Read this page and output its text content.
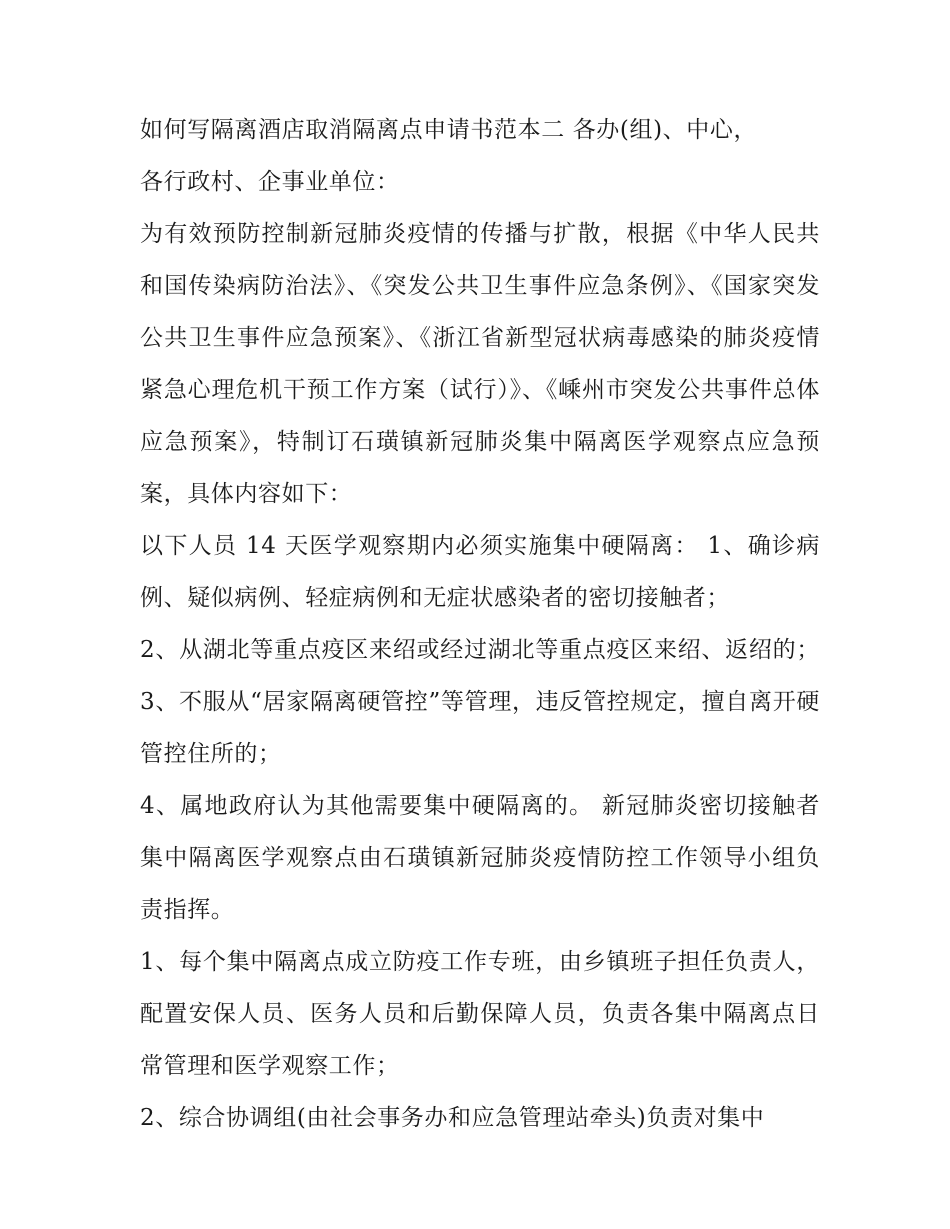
如何写隔离酒店取消隔离点申请书范本二 各办(组)、中心，

各行政村、企事业单位：

为有效预防控制新冠肺炎疫情的传播与扩散，根据《中华人民共和国传染病防治法》、《突发公共卫生事件应急条例》、《国家突发公共卫生事件应急预案》、《浙江省新型冠状病毒感染的肺炎疫情紧急心理危机干预工作方案（试行）》、《嵊州市突发公共事件总体应急预案》，特制订石璜镇新冠肺炎集中隔离医学观察点应急预案，具体内容如下：

以下人员 14 天医学观察期内必须实施集中硬隔离： 1、确诊病例、疑似病例、轻症病例和无症状感染者的密切接触者；

2、从湖北等重点疫区来绍或经过湖北等重点疫区来绍、返绍的； 3、不服从“居家隔离硬管控”等管理，违反管控规定，擅自离开硬管控住所的；

4、属地政府认为其他需要集中硬隔离的。 新冠肺炎密切接触者集中隔离医学观察点由石璜镇新冠肺炎疫情防控工作领导小组负责指挥。

1、每个集中隔离点成立防疫工作专班，由乡镇班子担任负责人，配置安保人员、医务人员和后勤保障人员，负责各集中隔离点日常管理和医学观察工作；

2、综合协调组(由社会事务办和应急管理站牵头)负责对集中
